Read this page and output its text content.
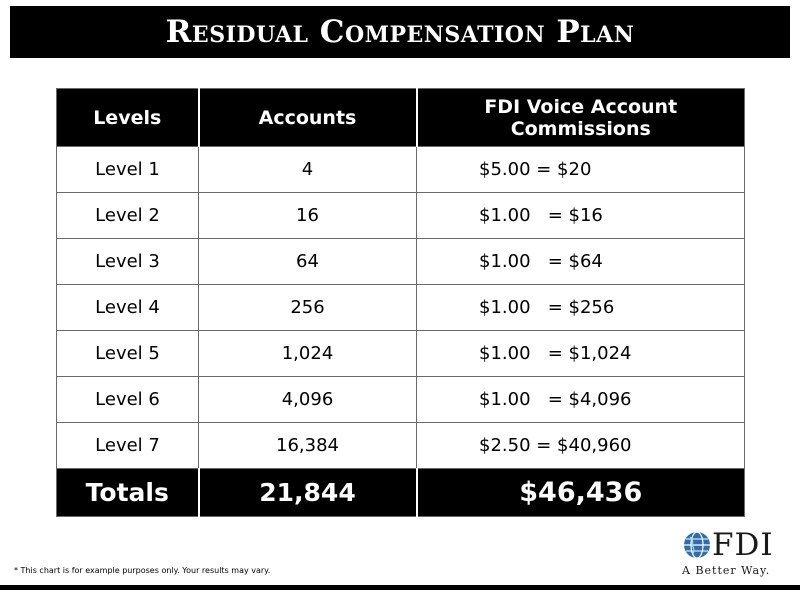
Residual Compensation Plan
Levels	Accounts	FDI Voice Account Commissions
Level 1	4	$5.00 = $20
Level 2	16	$1.00   = $16
Level 3	64	$1.00   = $64
Level 4	256	$1.00   = $256
Level 5	1,024	$1.00   = $1,024
Level 6	4,096	$1.00   = $4,096
Level 7	16,384	$2.50 = $40,960
Totals	21,844	$46,436
* This chart is for example purposes only. Your results may vary.
FDI
A Better Way.
